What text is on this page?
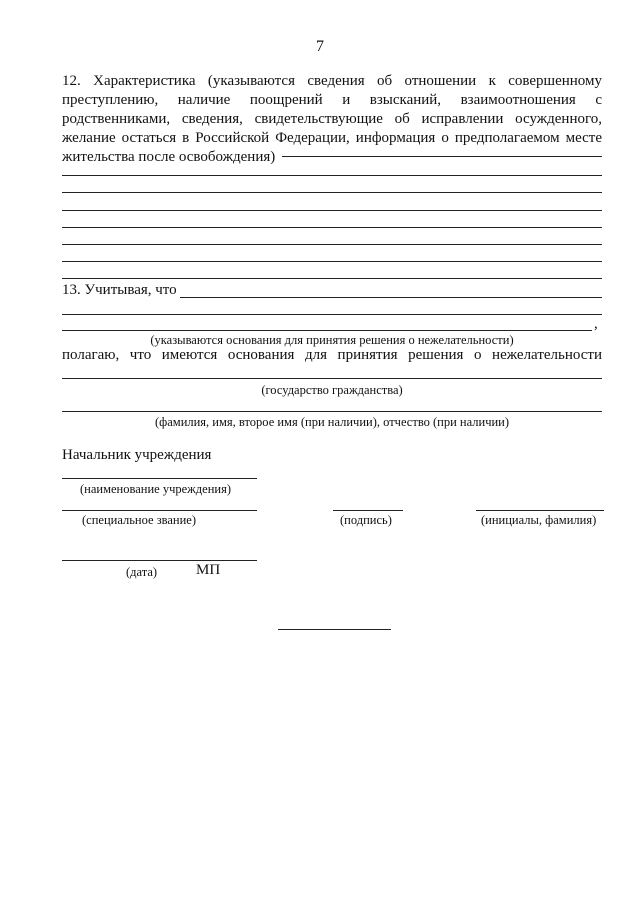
7
12. Характеристика (указываются сведения об отношении к совершенному преступлению, наличие поощрений и взысканий, взаимоотношения с родственниками, сведения, свидетельствующие об исправлении осужденного, желание остаться в Российской Федерации, информация о предполагаемом месте жительства после освобождения)
13. Учитывая, что
,
(указываются основания для принятия решения о нежелательности)
полагаю, что имеются основания для принятия решения о нежелательности
(государство гражданства)
(фамилия, имя, второе имя (при наличии), отчество (при наличии)
Начальник учреждения
(наименование учреждения)
(специальное звание)	(подпись)	(инициалы, фамилия)
(дата)	МП
